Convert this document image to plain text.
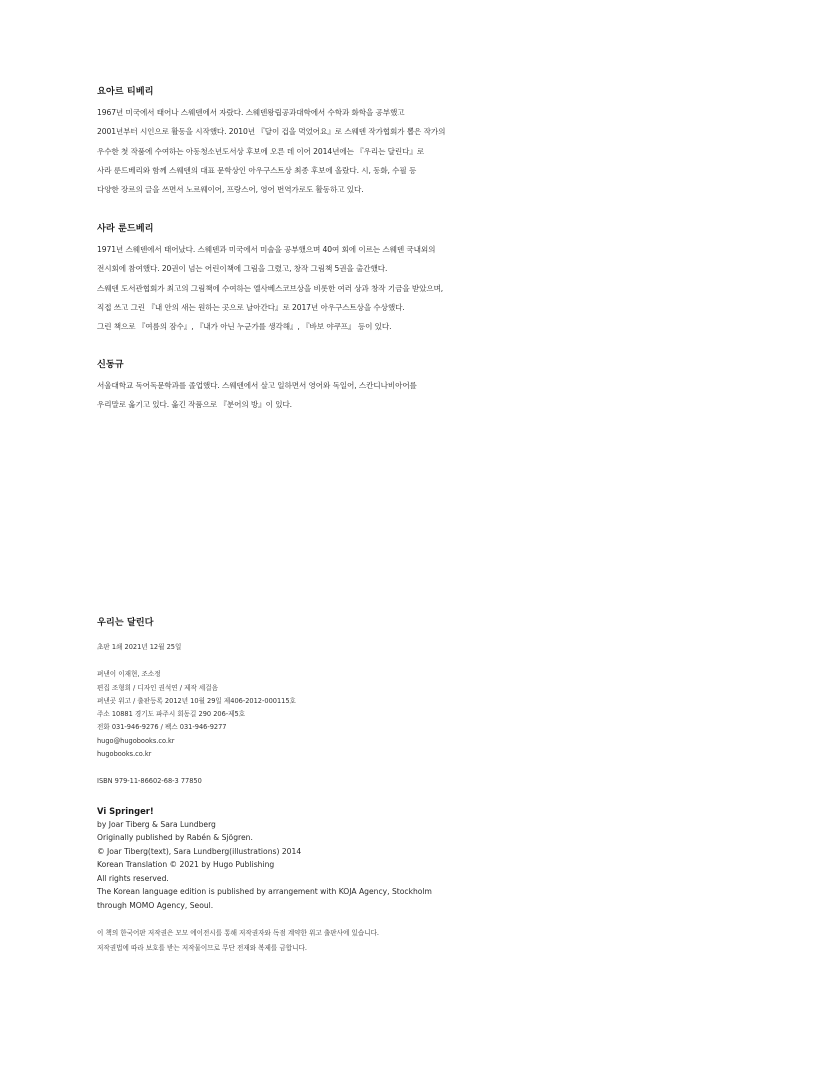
요아르 티베리
1967년 미국에서 태어나 스웨덴에서 자랐다. 스웨덴왕립공과대학에서 수학과 화학을 공부했고
2001년부터 시인으로 활동을 시작했다. 2010년 『달이 겁을 먹었어요』로 스웨덴 작가협회가 뽑은 작가의
우수한 첫 작품에 수여하는 아동청소년도서상 후보에 오른 데 이어 2014년에는 『우리는 달린다』로
사라 룬드베리와 함께 스웨덴의 대표 문학상인 아우구스트상 최종 후보에 올랐다. 시, 동화, 수필 등
다양한 장르의 글을 쓰면서 노르웨이어, 프랑스어, 영어 번역가로도 활동하고 있다.
사라 룬드베리
1971년 스웨덴에서 태어났다. 스웨덴과 미국에서 미술을 공부했으며 40여 회에 이르는 스웨덴 국내외의
전시회에 참여했다. 20권이 넘는 어린이책에 그림을 그렸고, 창작 그림책 5권을 출간했다.
스웨덴 도서관협회가 최고의 그림책에 수여하는 엘사베스코브상을 비롯한 여러 상과 창작 기금을 받았으며,
직접 쓰고 그린 『내 안의 새는 원하는 곳으로 날아간다』로 2017년 아우구스트상을 수상했다.
그린 책으로 『여름의 잠수』, 『내가 아닌 누군가를 생각해』, 『바보 야쿠프』 등이 있다.
신동규
서울대학교 독어독문학과를 졸업했다. 스웨덴에서 살고 일하면서 영어와 독일어, 스칸디나비아어를
우리말로 옮기고 있다. 옮긴 작품으로 『분어의 방』이 있다.
우리는 달린다
초판 1쇄 2021년 12월 25일
펴낸이 이재현, 조소정
편집 조형희 / 디자인 권석연 / 제작 세걸음
펴낸곳 위고 / 출판등록 2012년 10월 29일 제406-2012-000115호
주소 10881 경기도 파주시 회동길 290 206-제5호
전화 031-946-9276 / 팩스 031-946-9277
hugo@hugobooks.co.kr
hugobooks.co.kr
ISBN 979-11-86602-68-3 77850
Vi Springer!
by Joar Tiberg & Sara Lundberg
Originally published by Rabén & Sjögren.
© Joar Tiberg(text), Sara Lundberg(illustrations) 2014
Korean Translation © 2021 by Hugo Publishing
All rights reserved.
The Korean language edition is published by arrangement with KOJA Agency, Stockholm
through MOMO Agency, Seoul.
이 책의 한국어판 저작권은 모모 에이전시를 통해 저작권자와 독점 계약한 위고 출판사에 있습니다.
저작권법에 따라 보호를 받는 저작물이므로 무단 전재와 복제를 금합니다.
